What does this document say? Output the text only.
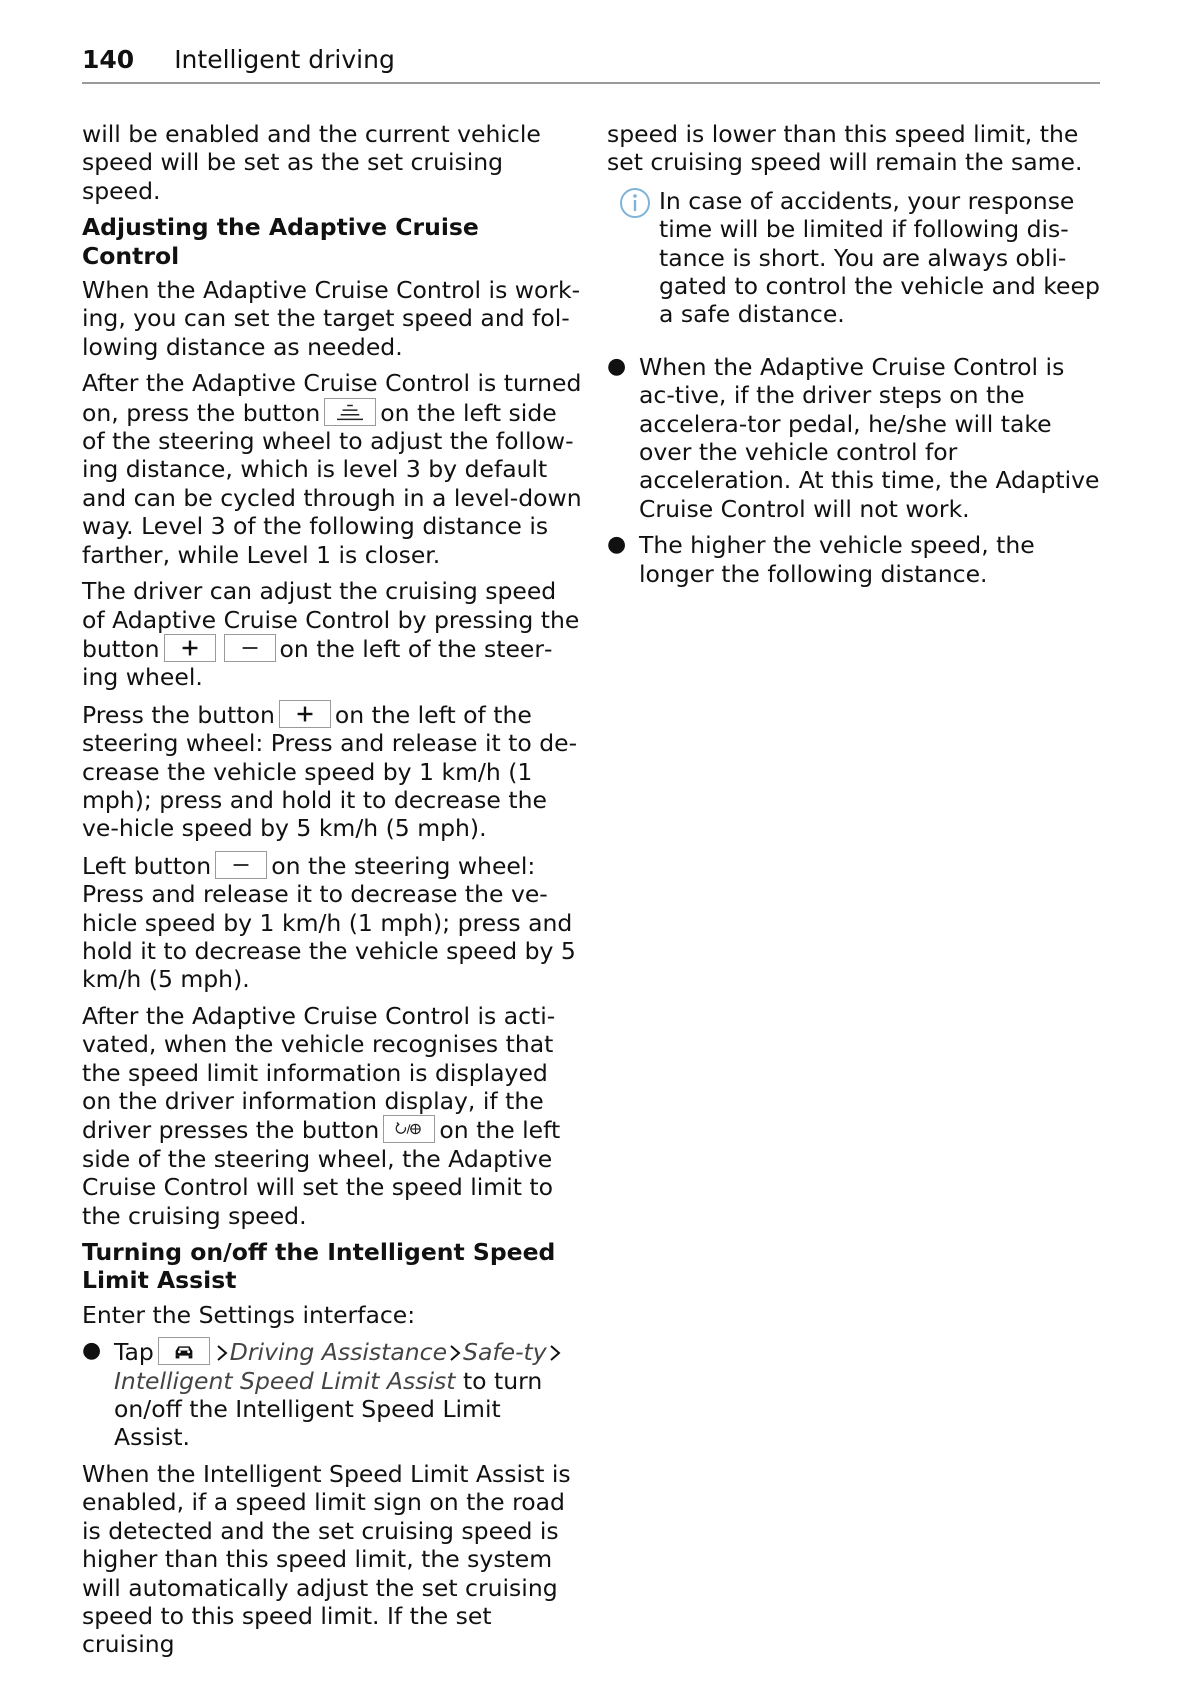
140 Intelligent driving

will be enabled and the current vehicle speed will be set as the set cruising speed.

Adjusting the Adaptive Cruise Control

When the Adaptive Cruise Control is work‐ing, you can set the target speed and fol‐lowing distance as needed.

After the Adaptive Cruise Control is turned on, press the button	on the left side of the steering wheel to adjust the follow‐ing distance, which is level 3 by default and can be cycled through in a level-down way. Level 3 of the following distance is farther, while Level 1 is closer.

The driver can adjust the cruising speed of Adaptive Cruise Control by pressing the button	on the left of the steer‐ing wheel.

Press the button	on the left of the steering wheel: Press and release it to de‐crease the vehicle speed by 1 km/h (1 mph); press and hold it to decrease the ve‐hicle speed by 5 km/h (5 mph).

Left button	on the steering wheel: Press and release it to decrease the ve‐hicle speed by 1 km/h (1 mph); press and hold it to decrease the vehicle speed by 5 km/h (5 mph).

After the Adaptive Cruise Control is acti‐vated, when the vehicle recognises that the speed limit information is displayed on the driver information display, if the driver presses the button	on the left side of the steering wheel, the Adaptive Cruise Control will set the speed limit to the cruising speed.

Turning on/off the Intelligent Speed Limit Assist

Enter the Settings interface:

● Tap	Driving Assistance Safe‐tyIntelligent Speed Limit Assist to turn on/off the Intelligent Speed Limit Assist.

When the Intelligent Speed Limit Assist is enabled, if a speed limit sign on the road is detected and the set cruising speed is higher than this speed limit, the system will automatically adjust the set cruising speed to this speed limit. If the set cruising

speed is lower than this speed limit, the set cruising speed will remain the same.

In case of accidents, your response time will be limited if following dis‐tance is short. You are always obli‐gated to control the vehicle and keep a safe distance.

● When the Adaptive Cruise Control is ac‐tive, if the driver steps on the accelera‐tor pedal, he/she will take over the vehicle control for acceleration. At this time, the Adaptive Cruise Control will not work.

● The higher the vehicle speed, the longer the following distance.
